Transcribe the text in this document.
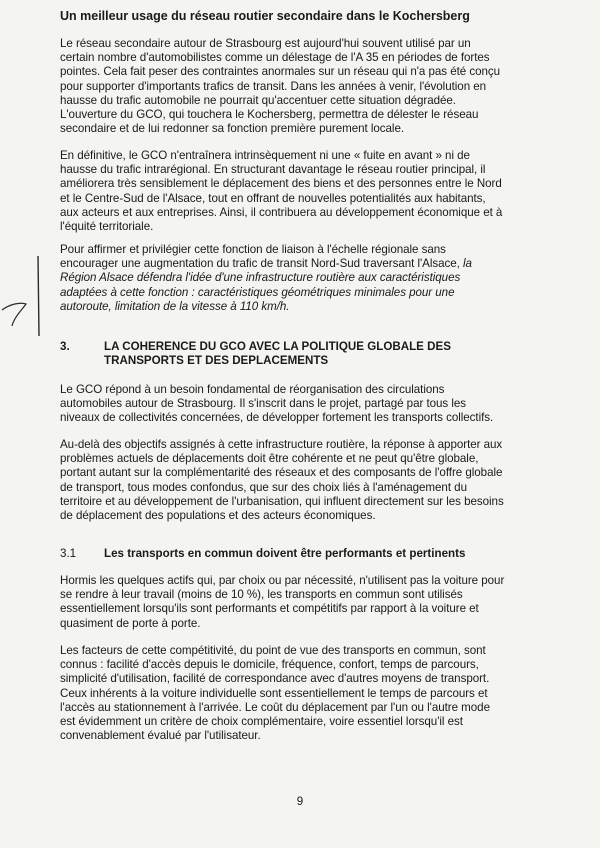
Un meilleur usage du réseau routier secondaire dans le Kochersberg

Le réseau secondaire autour de Strasbourg est aujourd'hui souvent utilisé par un
certain nombre d'automobilistes comme un délestage de l'A 35 en périodes de fortes
pointes. Cela fait peser des contraintes anormales sur un réseau qui n'a pas été conçu
pour supporter d'importants trafics de transit. Dans les années à venir, l'évolution en
hausse du trafic automobile ne pourrait qu'accentuer cette situation dégradée.
L'ouverture du GCO, qui touchera le Kochersberg, permettra de délester le réseau
secondaire et de lui redonner sa fonction première purement locale.

En définitive, le GCO n'entraînera intrinsèquement ni une « fuite en avant » ni de
hausse du trafic intrarégional. En structurant davantage le réseau routier principal, il
améliorera très sensiblement le déplacement des biens et des personnes entre le Nord
et le Centre-Sud de l'Alsace, tout en offrant de nouvelles potentialités aux habitants,
aux acteurs et aux entreprises. Ainsi, il contribuera au développement économique et à
l'équité territoriale.

Pour affirmer et privilégier cette fonction de liaison à l'échelle régionale sans
encourager une augmentation du trafic de transit Nord-Sud traversant l'Alsace, la
Région Alsace défendra l'idée d'une infrastructure routière aux caractéristiques
adaptées à cette fonction : caractéristiques géométriques minimales pour une
autoroute, limitation de la vitesse à 110 km/h.

3.	LA COHERENCE DU GCO AVEC LA POLITIQUE GLOBALE DES
TRANSPORTS ET DES DEPLACEMENTS

Le GCO répond à un besoin fondamental de réorganisation des circulations
automobiles autour de Strasbourg. Il s'inscrit dans le projet, partagé par tous les
niveaux de collectivités concernées, de développer fortement les transports collectifs.

Au-delà des objectifs assignés à cette infrastructure routière, la réponse à apporter aux
problèmes actuels de déplacements doit être cohérente et ne peut qu'être globale,
portant autant sur la complémentarité des réseaux et des composants de l'offre globale
de transport, tous modes confondus, que sur des choix liés à l'aménagement du
territoire et au développement de l'urbanisation, qui influent directement sur les besoins
de déplacement des populations et des acteurs économiques.

3.1 Les transports en commun doivent être performants et pertinents

Hormis les quelques actifs qui, par choix ou par nécessité, n'utilisent pas la voiture pour
se rendre à leur travail (moins de 10 %), les transports en commun sont utilisés
essentiellement lorsqu'ils sont performants et compétitifs par rapport à la voiture et
quasiment de porte à porte.

Les facteurs de cette compétitivité, du point de vue des transports en commun, sont
connus : facilité d'accès depuis le domicile, fréquence, confort, temps de parcours,
simplicité d'utilisation, facilité de correspondance avec d'autres moyens de transport.
Ceux inhérents à la voiture individuelle sont essentiellement le temps de parcours et
l'accès au stationnement à l'arrivée. Le coût du déplacement par l'un ou l'autre mode
est évidemment un critère de choix complémentaire, voire essentiel lorsqu'il est
convenablement évalué par l'utilisateur.

9
